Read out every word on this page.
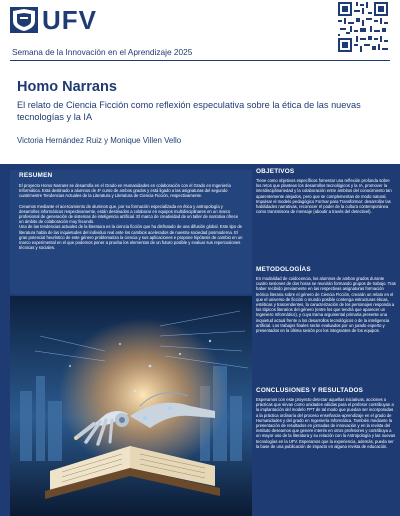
UFV
Semana de la Innovación en el Aprendizaje 2025
Homo Narrans
El relato de Ciencia Ficción como reflexión especulativa sobre la ética de las nuevas tecnologías y la IA
Victoria Hernández Ruiz y Monique Villen Vello
RESUMEN
El proyecto Homo Narrans se desarrolla en el Grado en Humanidades en colaboración con el Grado en Ingeniería Informática. Está destinado a alumnos de 4º curso de ambos grados y está ligado a las asignaturas del segundo cuatrimestre Tendencias Actuales de la Literatura y Literatura de Ciencia Ficción, respectivamente.
Creamos mediante el acercamiento de alumnos que, por su formación especializada en ética y antropología y desarrollos informáticos respectivamente, están destinados a colaborar en equipos multidisciplinares en un marco profesional de generación de sistemas de inteligencia artificial. El marco de creatividad de un taller de narrativa ofrece un ámbito de colaboración muy fecundo.
Una de las tendencias actuales de la literatura es la ciencia ficción que ha disfrutado de una difusión global. Este tipo de literatura habla de las inquietudes del individuo real ante los cambios acelerados de nuestra sociedad posmoderna. El gran potencial heurístico de este género problematiza la ciencia y sus aplicaciones e propone hipótesis de cambio en un marco experimental en el que podemos poner a prueba los elementos de un futuro posible y evaluar sus repercusiones técnicas y sociales.
OBJETIVOS
Tiene como objetivos específicos fomentar una reflexión profunda sobre los retos que plantean los desarrollos tecnológicos y la IA, promover la interdisciplinariedad y la colaboración entre ámbitos del conocimiento tan aparentemente alejados, pero que se complementan de modo natural. Impulsar el modelo pedagógico Formar para Transformar: desarrollar las habilidades narrativas, reconocer el poder de la cultura contemporánea como transmisora de mensaje (aboutir a través del detectivel).
METODOLOGÍAS
En modalidad de coidocencia, los alumnos de ambos grados durante cuatro sesiones de dos horas se reunirán formando grupos de trabajo. Tras haber recibido previamente en las respectivas asignaturas formación teórica literaria sobre el género de Ciencia Ficción, crearán un relato en el que el universo de ficción o mundo posible contenga estructuras éticas, estéticas y trascendentes, la caracterización de los personajes responda a los tópicos literarios del género (entre los que tendrá que aparecer un Ingeniero Informático), y cuya trama argumental primaria presente una inquietud actual frente a los desarrollos tecnológicos o de la inteligencia artificial. Los trabajos finales serán evaluados por un jurado experto y presentados en la última sesión por los integrantes de los equipos.
CONCLUSIONES Y RESULTADOS
Esperamos con este proyecto detectar aquellas iniciativas, acciones o prácticas que sirvan como unidades válidas para el profesor contribuyan a la implantación del modelo FPT de tal modo que puedan ser incorporadas a la práctica ordinaria del proceso enseñanza-aprendizaje en el grado de Humanidades y del grado en Ingeniería Informática. También mediante la presentación de resultados en jornadas de innovación y en la revista del instituto deseamos que genere interés en otros profesores y contribuya a un mayor uso de la literatura y su relación con la Antropología y las nuevas tecnologías en la UFV. Esperamos que la experiencia, además, pueda ser la base de una publicación de impacto en alguna revista de educación.
